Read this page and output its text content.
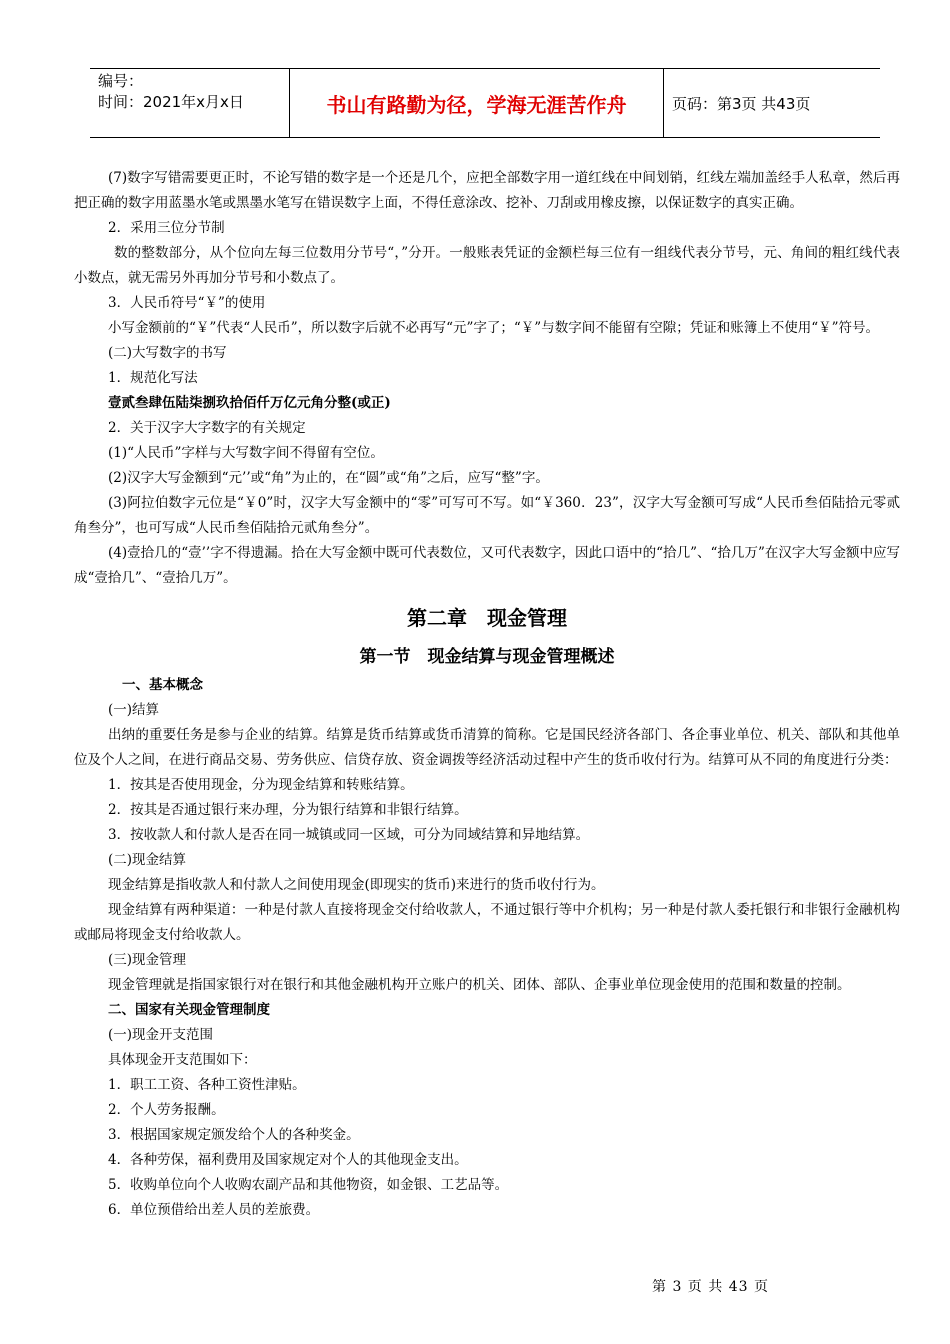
编号：
时间：2021年x月x日	书山有路勤为径，学海无涯苦作舟	页码：第3页 共43页

(7)数字写错需要更正时，不论写错的数字是一个还是几个，应把全部数字用一道红线在中间划销，红线左端加盖经手人私章，然后再把正确的数字用蓝墨水笔或黑墨水笔写在错误数字上面，不得任意涂改、挖补、刀刮或用橡皮擦，以保证数字的真实正确。

2．采用三位分节制

数的整数部分，从个位向左每三位数用分节号“，”分开。一般账表凭证的金额栏每三位有一组线代表分节号，元、角间的粗红线代表小数点，就无需另外再加分节号和小数点了。

3．人民币符号“￥”的使用

小写金额前的“￥”代表“人民币”，所以数字后就不必再写“元”字了；“￥”与数字间不能留有空隙；凭证和账簿上不使用“￥”符号。

(二)大写数字的书写

1．规范化写法

壹贰叁肆伍陆柒捌玖拾佰仟万亿元角分整(或正)

2．关于汉字大字数字的有关规定

(1)“人民币”字样与大写数字间不得留有空位。

(2)汉字大写金额到“元’’或“角”为止的，在“圆”或“角”之后，应写“整”字。

(3)阿拉伯数字元位是“￥0”时，汉字大写金额中的“零”可写可不写。如“￥360．23”，汉字大写金额可写成“人民币叁佰陆拾元零贰角叁分”，也可写成“人民币叁佰陆拾元贰角叁分”。

(4)壹拾几的“壹’’字不得遗漏。拾在大写金额中既可代表数位，又可代表数字，因此口语中的“拾几”、“拾几万”在汉字大写金额中应写成“壹拾几”、“壹拾几万”。

第二章　现金管理

第一节　现金结算与现金管理概述

一、基本概念

(一)结算

出纳的重要任务是参与企业的结算。结算是货币结算或货币清算的简称。它是国民经济各部门、各企事业单位、机关、部队和其他单位及个人之间，在进行商品交易、劳务供应、信贷存放、资金调拨等经济活动过程中产生的货币收付行为。结算可从不同的角度进行分类：

1．按其是否使用现金，分为现金结算和转账结算。

2．按其是否通过银行来办理，分为银行结算和非银行结算。

3．按收款人和付款人是否在同一城镇或同一区域，可分为同域结算和异地结算。

(二)现金结算

现金结算是指收款人和付款人之间使用现金(即现实的货币)来进行的货币收付行为。

现金结算有两种渠道：一种是付款人直接将现金交付给收款人，不通过银行等中介机构；另一种是付款人委托银行和非银行金融机构或邮局将现金支付给收款人。

(三)现金管理

现金管理就是指国家银行对在银行和其他金融机构开立账户的机关、团体、部队、企事业单位现金使用的范围和数量的控制。

二、国家有关现金管理制度

(一)现金开支范围

具体现金开支范围如下：

1．职工工资、各种工资性津贴。

2．个人劳务报酬。

3．根据国家规定颁发给个人的各种奖金。

4．各种劳保，福利费用及国家规定对个人的其他现金支出。

5．收购单位向个人收购农副产品和其他物资，如金银、工艺品等。

6．单位预借给出差人员的差旅费。

第 3 页 共 43 页
